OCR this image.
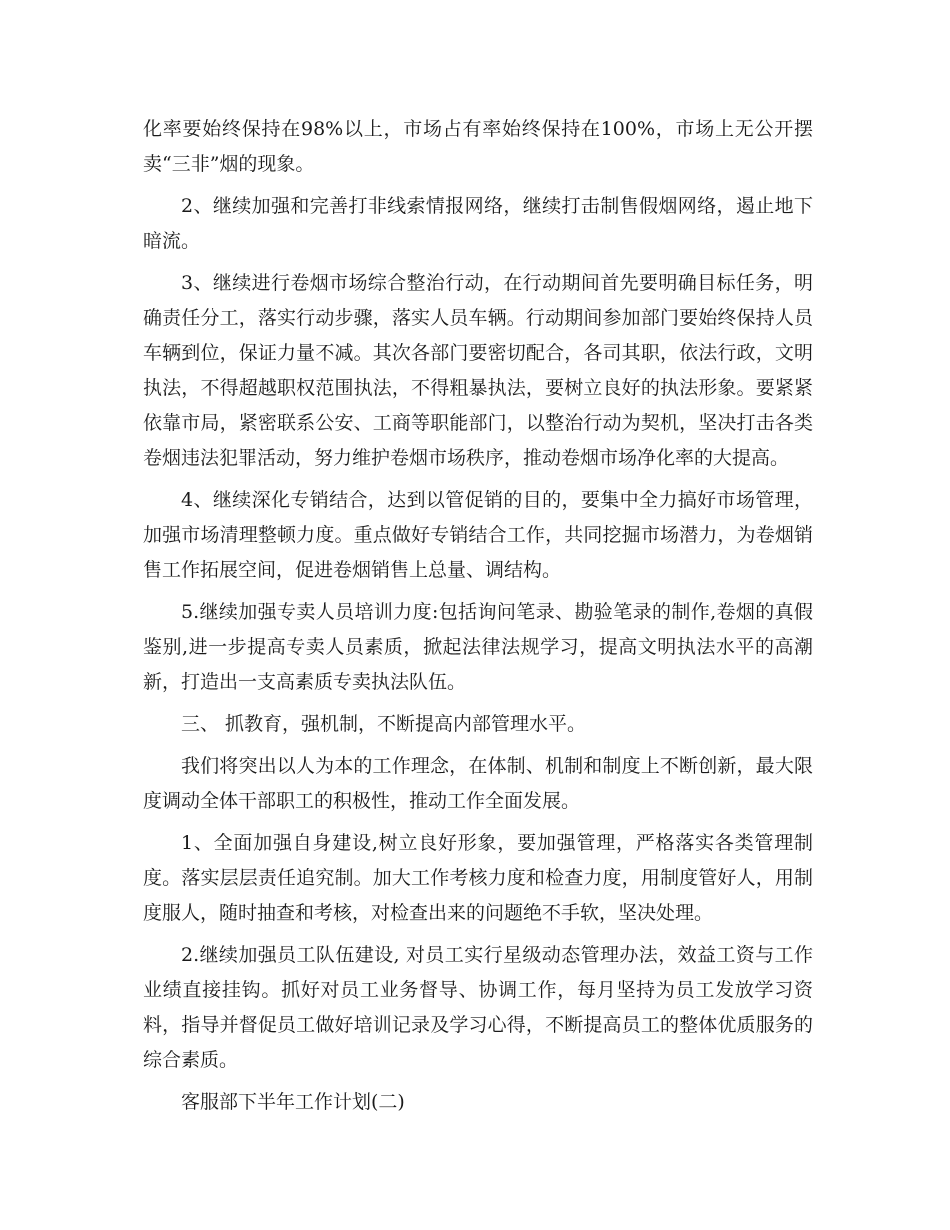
化率要始终保持在98%以上，市场占有率始终保持在100%，市场上无公开摆卖“三非”烟的现象。

2、继续加强和完善打非线索情报网络，继续打击制售假烟网络，遏止地下暗流。

3、继续进行卷烟市场综合整治行动，在行动期间首先要明确目标任务，明确责任分工，落实行动步骤，落实人员车辆。行动期间参加部门要始终保持人员车辆到位，保证力量不减。其次各部门要密切配合，各司其职，依法行政，文明执法，不得超越职权范围执法，不得粗暴执法，要树立良好的执法形象。要紧紧依靠市局，紧密联系公安、工商等职能部门，以整治行动为契机，坚决打击各类卷烟违法犯罪活动，努力维护卷烟市场秩序，推动卷烟市场净化率的大提高。

4、继续深化专销结合，达到以管促销的目的，要集中全力搞好市场管理，加强市场清理整顿力度。重点做好专销结合工作，共同挖掘市场潜力，为卷烟销售工作拓展空间，促进卷烟销售上总量、调结构。

5.继续加强专卖人员培训力度:包括询问笔录、勘验笔录的制作,卷烟的真假鉴别,进一步提高专卖人员素质，掀起法律法规学习，提高文明执法水平的高潮新，打造出一支高素质专卖执法队伍。

三、 抓教育，强机制，不断提高内部管理水平。

我们将突出以人为本的工作理念，在体制、机制和制度上不断创新，最大限度调动全体干部职工的积极性，推动工作全面发展。

1、全面加强自身建设,树立良好形象，要加强管理，严格落实各类管理制度。落实层层责任追究制。加大工作考核力度和检查力度，用制度管好人，用制度服人，随时抽查和考核，对检查出来的问题绝不手软，坚决处理。

2.继续加强员工队伍建设, 对员工实行星级动态管理办法，效益工资与工作业绩直接挂钩。抓好对员工业务督导、协调工作，每月坚持为员工发放学习资料，指导并督促员工做好培训记录及学习心得，不断提高员工的整体优质服务的综合素质。

客服部下半年工作计划(二)
